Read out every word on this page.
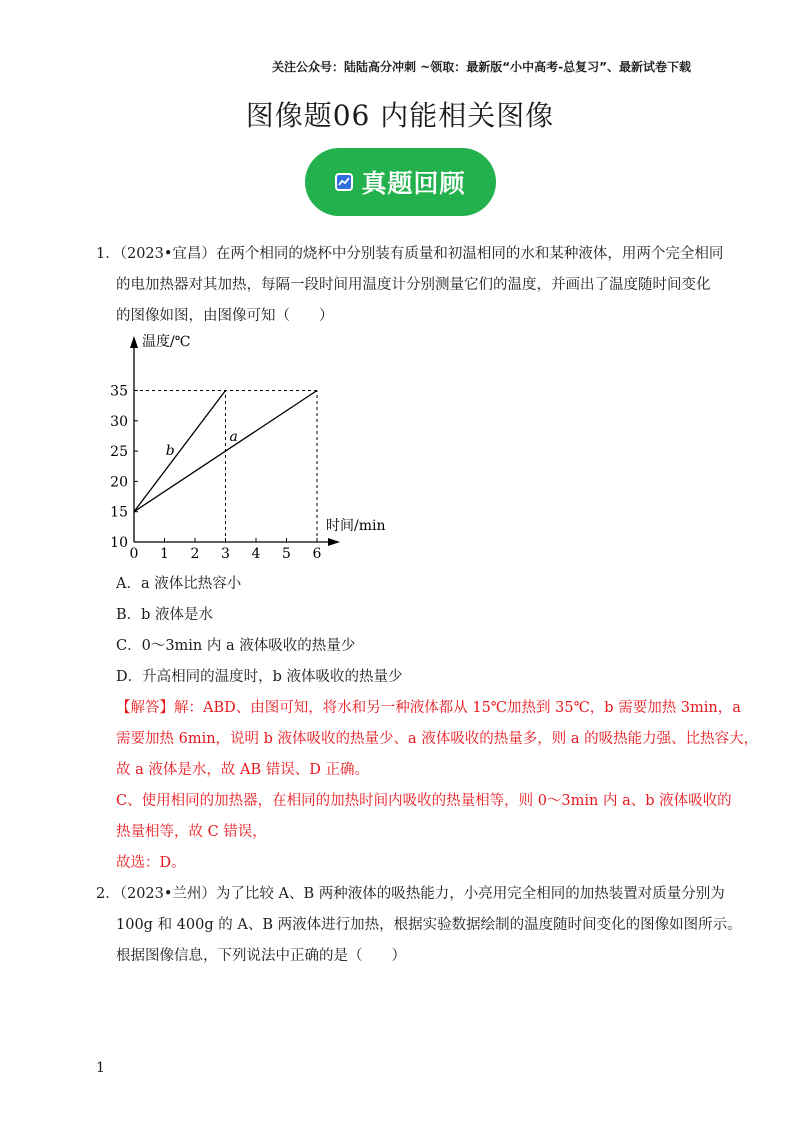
关注公众号：陆陆高分冲刺 ~领取：最新版“小中高考-总复习”、最新试卷下载
图像题06 内能相关图像
真题回顾
1．（2023•宜昌）在两个相同的烧杯中分别装有质量和初温相同的水和某种液体，用两个完全相同
的电加热器对其加热，每隔一段时间用温度计分别测量它们的温度，并画出了温度随时间变化
的图像如图，由图像可知（　　）
温度/℃
时间/min
0 1 2 3 4 5 6
10
15
20
25
30
35
b
a
A．a 液体比热容小
B．b 液体是水
C．0～3min 内 a 液体吸收的热量少
D．升高相同的温度时，b 液体吸收的热量少
【解答】解：ABD、由图可知，将水和另一种液体都从 15℃加热到 35℃，b 需要加热 3min，a
需要加热 6min，说明 b 液体吸收的热量少、a 液体吸收的热量多，则 a 的吸热能力强、比热容大，
故 a 液体是水，故 AB 错误、D 正确。
C、使用相同的加热器，在相同的加热时间内吸收的热量相等，则 0～3min 内 a、b 液体吸收的
热量相等，故 C 错误，
故选：D。
2．（2023•兰州）为了比较 A、B 两种液体的吸热能力，小亮用完全相同的加热装置对质量分别为
100g 和 400g 的 A、B 两液体进行加热，根据实验数据绘制的温度随时间变化的图像如图所示。
根据图像信息，下列说法中正确的是（　　）
1
